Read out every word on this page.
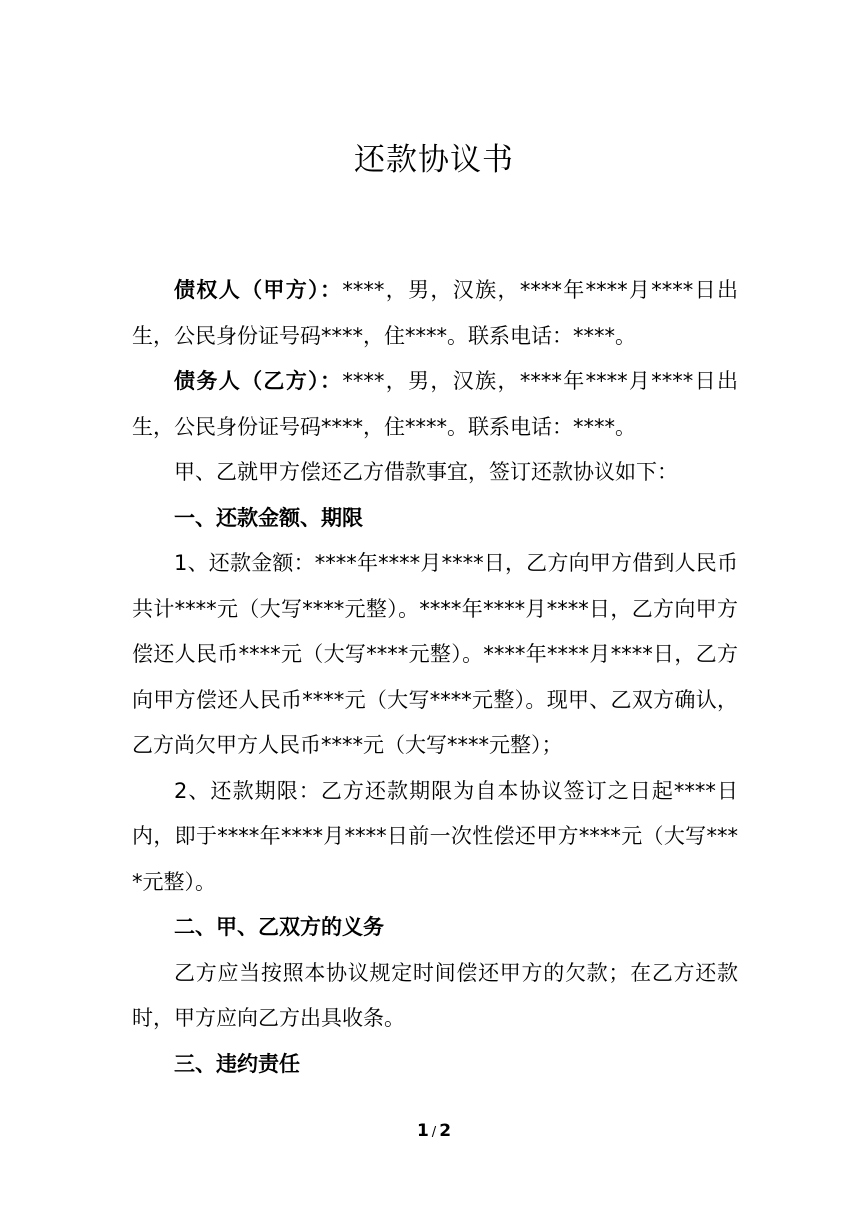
还款协议书

债权人（甲方）：****，男，汉族，****年****月****日出生，公民身份证号码****，住****。联系电话：****。

债务人（乙方）：****，男，汉族，****年****月****日出生，公民身份证号码****，住****。联系电话：****。

甲、乙就甲方偿还乙方借款事宜，签订还款协议如下：

一、还款金额、期限

1、还款金额：****年****月****日，乙方向甲方借到人民币共计****元（大写****元整）。****年****月****日，乙方向甲方偿还人民币****元（大写****元整）。****年****月****日，乙方向甲方偿还人民币****元（大写****元整）。现甲、乙双方确认，乙方尚欠甲方人民币****元（大写****元整）；

2、还款期限：乙方还款期限为自本协议签订之日起****日内，即于****年****月****日前一次性偿还甲方****元（大写****元整）。

二、甲、乙双方的义务

乙方应当按照本协议规定时间偿还甲方的欠款；在乙方还款时，甲方应向乙方出具收条。

三、违约责任

1 / 2
